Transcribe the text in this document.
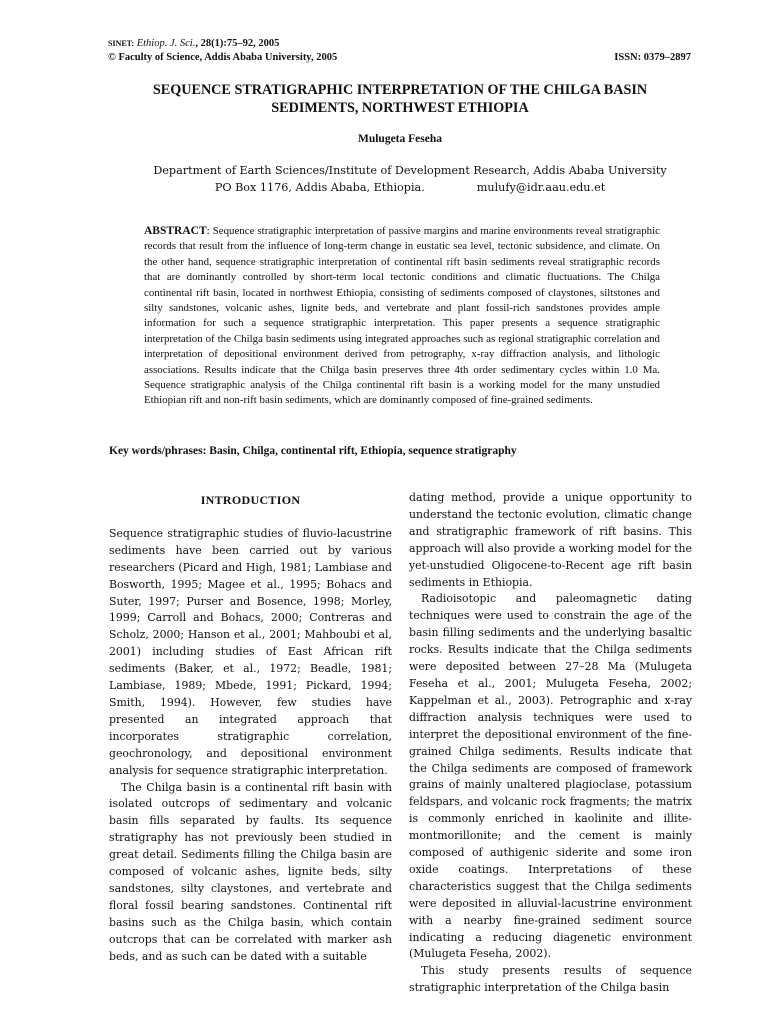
SINET: Ethiop. J. Sci., 28(1):75–92, 2005
© Faculty of Science, Addis Ababa University, 2005	ISSN: 0379–2897
SEQUENCE STRATIGRAPHIC INTERPRETATION OF THE CHILGA BASIN SEDIMENTS, NORTHWEST ETHIOPIA
Mulugeta Feseha
Department of Earth Sciences/Institute of Development Research, Addis Ababa University
PO Box 1176, Addis Ababa, Ethiopia.	mulufy@idr.aau.edu.et
ABSTRACT: Sequence stratigraphic interpretation of passive margins and marine environments reveal stratigraphic records that result from the influence of long-term change in eustatic sea level, tectonic subsidence, and climate. On the other hand, sequence stratigraphic interpretation of continental rift basin sediments reveal stratigraphic records that are dominantly controlled by short-term local tectonic conditions and climatic fluctuations. The Chilga continental rift basin, located in northwest Ethiopia, consisting of sediments composed of claystones, siltstones and silty sandstones, volcanic ashes, lignite beds, and vertebrate and plant fossil-rich sandstones provides ample information for such a sequence stratigraphic interpretation. This paper presents a sequence stratigraphic interpretation of the Chilga basin sediments using integrated approaches such as regional stratigraphic correlation and interpretation of depositional environment derived from petrography, x-ray diffraction analysis, and lithologic associations. Results indicate that the Chilga basin preserves three 4th order sedimentary cycles within 1.0 Ma. Sequence stratigraphic analysis of the Chilga continental rift basin is a working model for the many unstudied Ethiopian rift and non-rift basin sediments, which are dominantly composed of fine-grained sediments.
Key words/phrases: Basin, Chilga, continental rift, Ethiopia, sequence stratigraphy

INTRODUCTION

Sequence stratigraphic studies of fluvio-lacustrine sediments have been carried out by various researchers (Picard and High, 1981; Lambiase and Bosworth, 1995; Magee et al., 1995; Bohacs and Suter, 1997; Purser and Bosence, 1998; Morley, 1999; Carroll and Bohacs, 2000; Contreras and Scholz, 2000; Hanson et al., 2001; Mahboubi et al, 2001) including studies of East African rift sediments (Baker, et al., 1972; Beadle, 1981; Lambiase, 1989; Mbede, 1991; Pickard, 1994; Smith, 1994). However, few studies have presented an integrated approach that incorporates stratigraphic correlation, geochronology, and depositional environment analysis for sequence stratigraphic interpretation.

The Chilga basin is a continental rift basin with isolated outcrops of sedimentary and volcanic basin fills separated by faults. Its sequence stratigraphy has not previously been studied in great detail. Sediments filling the Chilga basin are composed of volcanic ashes, lignite beds, silty sandstones, silty claystones, and vertebrate and floral fossil bearing sandstones. Continental rift basins such as the Chilga basin, which contain outcrops that can be correlated with marker ash beds, and as such can be dated with a suitable

dating method, provide a unique opportunity to understand the tectonic evolution, climatic change and stratigraphic framework of rift basins. This approach will also provide a working model for the yet-unstudied Oligocene-to-Recent age rift basin sediments in Ethiopia.

Radioisotopic and paleomagnetic dating techniques were used to constrain the age of the basin filling sediments and the underlying basaltic rocks. Results indicate that the Chilga sediments were deposited between 27–28 Ma (Mulugeta Feseha et al., 2001; Mulugeta Feseha, 2002; Kappelman et al., 2003). Petrographic and x-ray diffraction analysis techniques were used to interpret the depositional environment of the fine-grained Chilga sediments. Results indicate that the Chilga sediments are composed of framework grains of mainly unaltered plagioclase, potassium feldspars, and volcanic rock fragments; the matrix is commonly enriched in kaolinite and illite-montmorillonite; and the cement is mainly composed of authigenic siderite and some iron oxide coatings. Interpretations of these characteristics suggest that the Chilga sediments were deposited in alluvial-lacustrine environment with a nearby fine-grained sediment source indicating a reducing diagenetic environment (Mulugeta Feseha, 2002).

This study presents results of sequence stratigraphic interpretation of the Chilga basin
